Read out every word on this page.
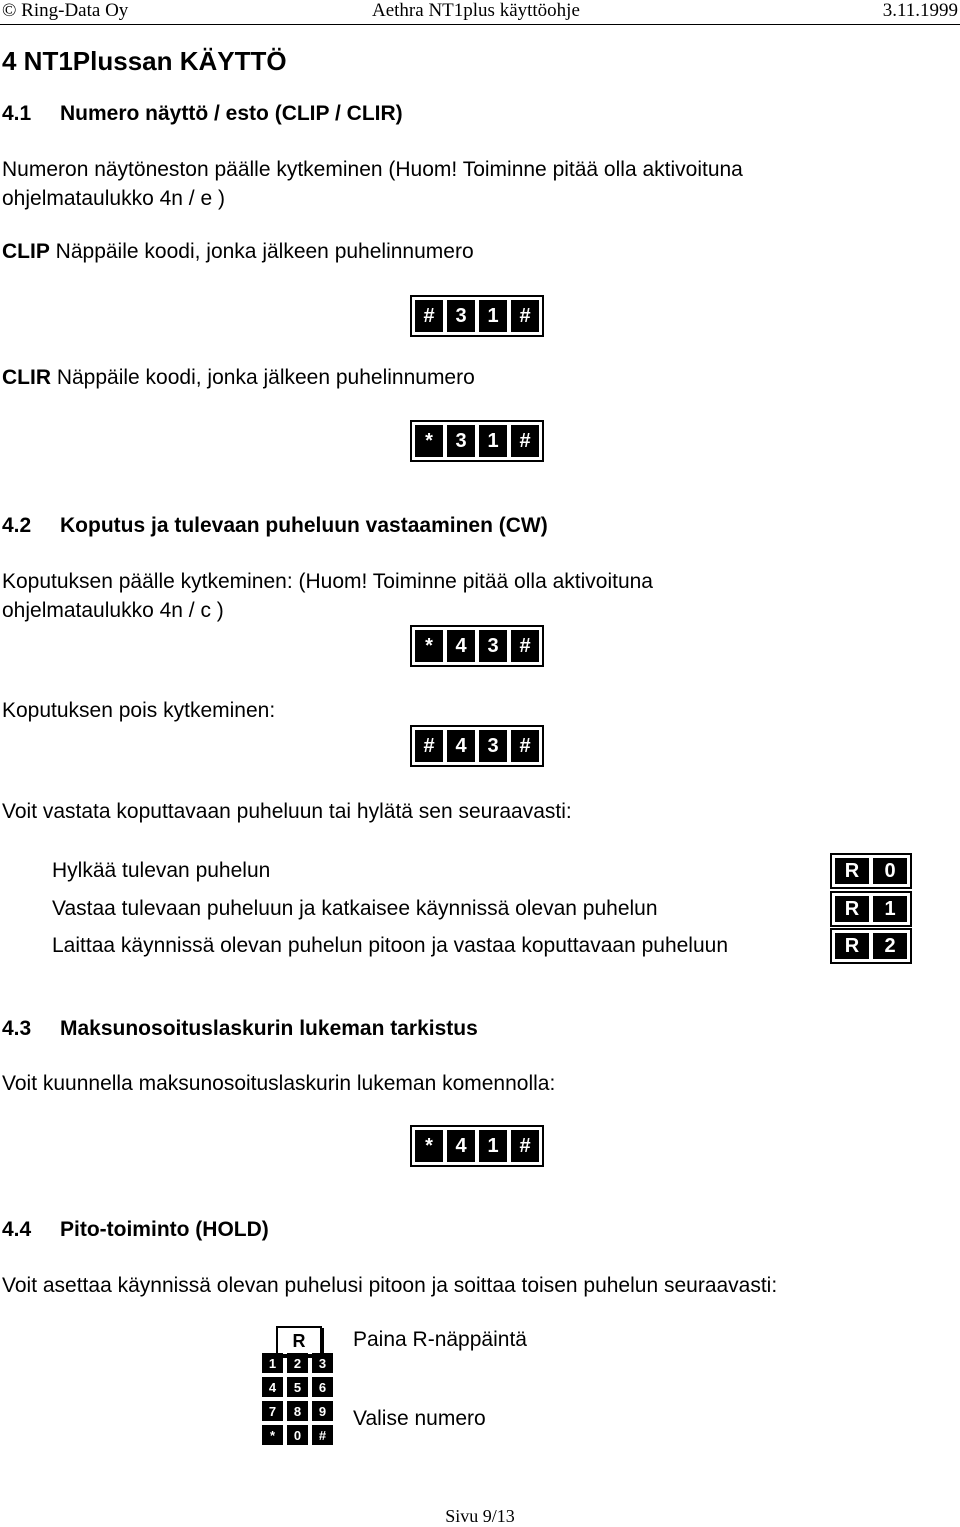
© Ring-Data Oy	Aethra NT1plus käyttöohje	3.11.1999
4 NT1Plussan KÄYTTÖ
4.1 Numero näyttö / esto (CLIP / CLIR)
Numeron näytöneston päälle kytkeminen (Huom! Toiminne pitää olla aktivoituna
ohjelmataulukko 4n / e )
CLIP Näppäile koodi, jonka jälkeen puhelinnumero
#	3	1	#
CLIR Näppäile koodi, jonka jälkeen puhelinnumero
*	3	1	#
4.2 Koputus ja tulevaan puheluun vastaaminen (CW)
Koputuksen päälle kytkeminen: (Huom! Toiminne pitää olla aktivoituna
ohjelmataulukko 4n / c )
*	4	3	#
Koputuksen pois kytkeminen:
#	4	3	#
Voit vastata koputtavaan puheluun tai hylätä sen seuraavasti:
Hylkää tulevan puhelun	R	0
Vastaa tulevaan puheluun ja katkaisee käynnissä olevan puhelun	R	1
Laittaa käynnissä olevan puhelun pitoon ja vastaa koputtavaan puheluun	R	2
4.3 Maksunosoituslaskurin lukeman tarkistus
Voit kuunnella maksunosoituslaskurin lukeman komennolla:
*	4	1	#
4.4 Pito-toiminto (HOLD)
Voit asettaa käynnissä olevan puhelusi pitoon ja soittaa toisen puhelun seuraavasti:
R	Paina R-näppäintä
1	2	3
4	5	6
7	8	9
*	0	#
Valise numero
Sivu 9/13
